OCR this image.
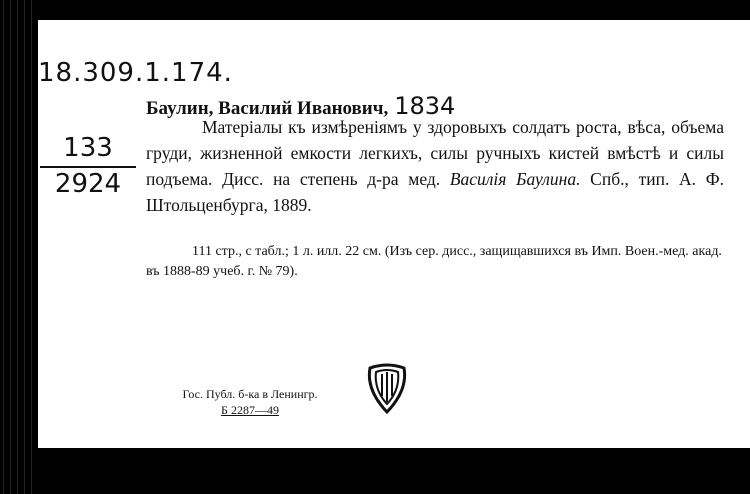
18.309.1.174.
Баулин, Василий Иванович, 1834
133
2924
Матеріалы къ измѣреніямъ у здоровыхъ солдатъ роста, вѣса, объема груди, жизненной емкости легкихъ, силы ручныхъ кистей вмѣстѣ и силы подъема. Дисс. на степень д-ра мед. Василія Баулина. Спб., тип. А. Ф. Штольценбурга, 1889.
111 стр., с табл.; 1 л. илл. 22 см. (Изъ сер. дисс., защищавшихся въ Имп. Воен.-мед. акад. въ 1888-89 учеб. г. № 79).
Гос. Публ. б-ка в Ленингр.
Б 2287—49
